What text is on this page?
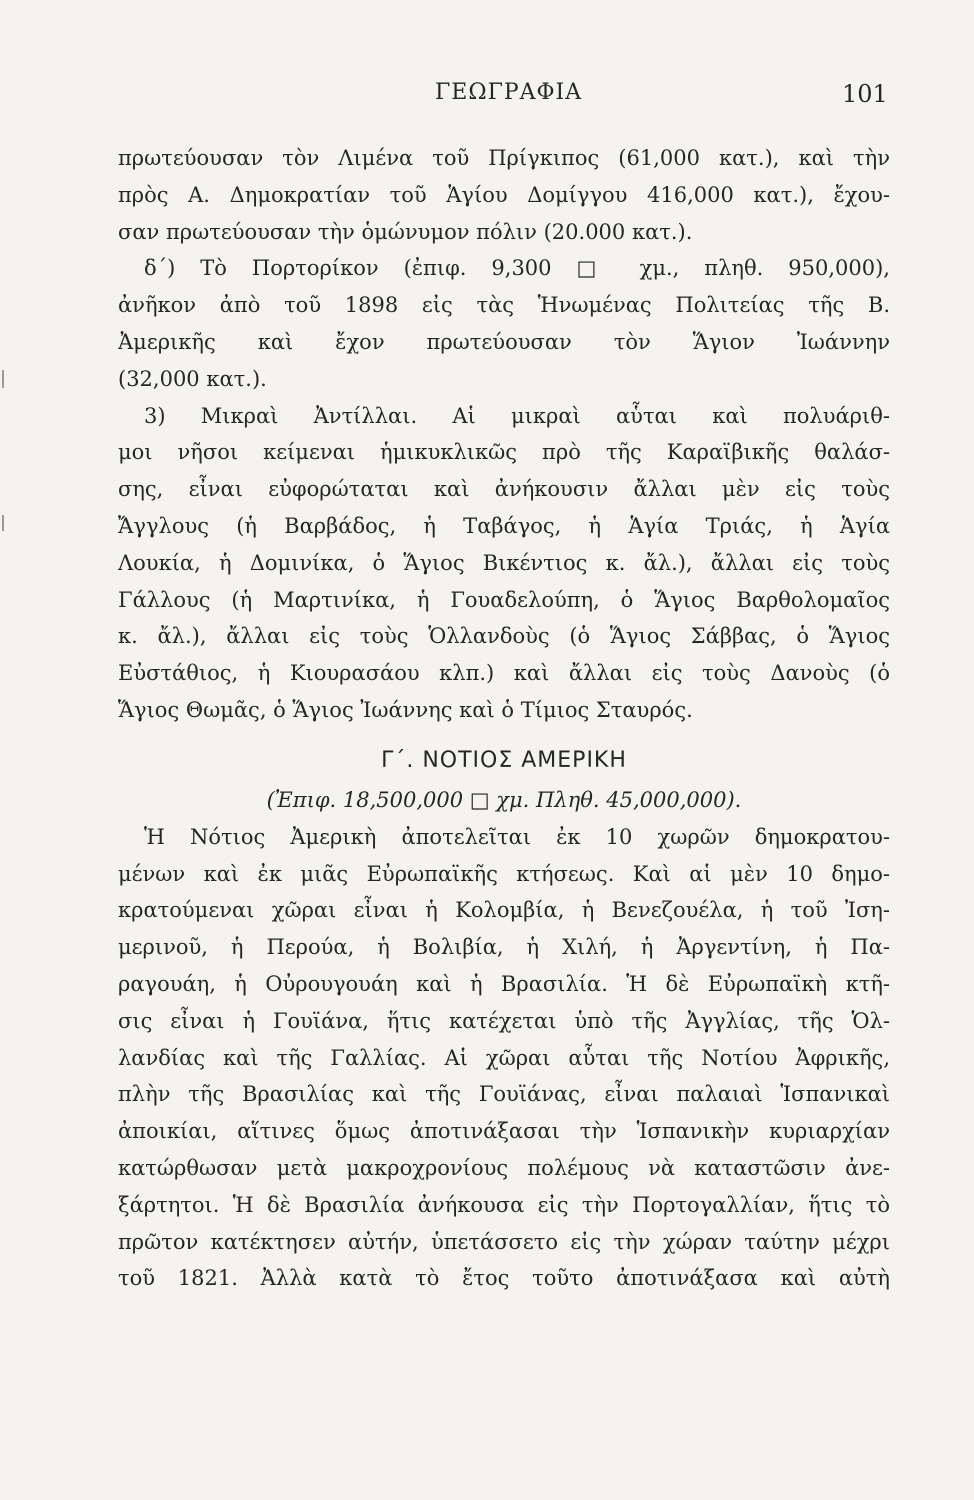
ΓΕΩΓΡΑΦΙΑ	101
πρωτεύουσαν τὸν Λιμένα τοῦ Πρίγκιπος (61,000 κατ.), καὶ τὴν
πρὸς Α. Δημοκρατίαν τοῦ Ἁγίου Δομίγγου 416,000 κατ.), ἔχου-
σαν πρωτεύουσαν τὴν ὁμώνυμον πόλιν (20.000 κατ.).
δ΄) Τὸ Πορτορίκον (ἐπιφ. 9,300 □ χμ., πληθ. 950,000),
ἀνῆκον ἀπὸ τοῦ 1898 εἰς τὰς Ἡνωμένας Πολιτείας τῆς Β.
Ἀμερικῆς καὶ ἔχον πρωτεύουσαν τὸν Ἅγιον Ἰωάννην
(32,000 κατ.).
3) Μικραὶ Ἀντίλλαι. Αἱ μικραὶ αὗται καὶ πολυάριθ-
μοι νῆσοι κείμεναι ἡμικυκλικῶς πρὸ τῆς Καραϊβικῆς θαλάσ-
σης, εἶναι εὐφορώταται καὶ ἀνήκουσιν ἄλλαι μὲν εἰς τοὺς
Ἄγγλους (ἡ Βαρβάδος, ἡ Ταβάγος, ἡ Ἁγία Τριάς, ἡ Ἁγία
Λουκία, ἡ Δομινίκα, ὁ Ἅγιος Βικέντιος κ. ἄλ.), ἄλλαι εἰς τοὺς
Γάλλους (ἡ Μαρτινίκα, ἡ Γουαδελούπη, ὁ Ἅγιος Βαρθολομαῖος
κ. ἄλ.), ἄλλαι εἰς τοὺς Ὁλλανδοὺς (ὁ Ἅγιος Σάββας, ὁ Ἅγιος
Εὐστάθιος, ἡ Κιουρασάου κλπ.) καὶ ἄλλαι εἰς τοὺς Δανοὺς (ὁ
Ἅγιος Θωμᾶς, ὁ Ἅγιος Ἰωάννης καὶ ὁ Τίμιος Σταυρός.
Γ΄. ΝΟΤΙΟΣ ΑΜΕΡΙΚΗ
(Ἐπιφ. 18,500,000 □ χμ. Πληθ. 45,000,000).
Ἡ Νότιος Ἀμερικὴ ἀποτελεῖται ἐκ 10 χωρῶν δημοκρατου-
μένων καὶ ἐκ μιᾶς Εὐρωπαϊκῆς κτήσεως. Καὶ αἱ μὲν 10 δημο-
κρατούμεναι χῶραι εἶναι ἡ Κολομβία, ἡ Βενεζουέλα, ἡ τοῦ Ἰση-
μερινοῦ, ἡ Περούα, ἡ Βολιβία, ἡ Χιλή, ἡ Ἀργεντίνη, ἡ Πα-
ραγουάη, ἡ Οὐρουγουάη καὶ ἡ Βρασιλία. Ἡ δὲ Εὐρωπαϊκὴ κτῆ-
σις εἶναι ἡ Γουϊάνα, ἥτις κατέχεται ὑπὸ τῆς Ἀγγλίας, τῆς Ὁλ-
λανδίας καὶ τῆς Γαλλίας. Αἱ χῶραι αὗται τῆς Νοτίου Ἀφρικῆς,
πλὴν τῆς Βρασιλίας καὶ τῆς Γουϊάνας, εἶναι παλαιαὶ Ἱσπανικαὶ
ἀποικίαι, αἵτινες ὅμως ἀποτινάξασαι τὴν Ἱσπανικὴν κυριαρχίαν
κατώρθωσαν μετὰ μακροχρονίους πολέμους νὰ καταστῶσιν ἀνε-
ξάρτητοι. Ἡ δὲ Βρασιλία ἀνήκουσα εἰς τὴν Πορτογαλλίαν, ἥτις τὸ
πρῶτον κατέκτησεν αὐτήν, ὑπετάσσετο εἰς τὴν χώραν ταύτην μέχρι
τοῦ 1821. Ἀλλὰ κατὰ τὸ ἔτος τοῦτο ἀποτινάξασα καὶ αὐτὴ
